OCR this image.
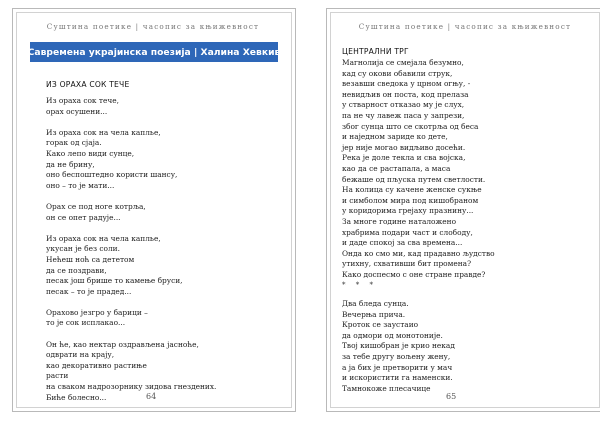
Суштина поетике | часопис за књижевност
Савремена украјинска поезија | Халина Хевкив
ИЗ ОРАХА СОК ТЕЧЕ
Из ораха сок тече,
орах осушени...
Из ораха сок на чела каплье,
горак од сјаја.
Како лепо види сунце,
да не брину,
оно беспоштедно користи шансу,
оно – то је мати...
Орах се под ноге котрља,
он се опет радује...
Из ораха сок на чела каплье,
укусан је без соли.
Нећеш ноћ са дететом
да се поздрави,
песак још брише то камење бруси,
песак – то је прадед...
Орахово језгро у барици –
то је сок исплакао...
Он ће, као нектар оздрављена јасноће,
одврати на крају,
као декоративно растиње
расти
на сваком надрозорнику зидова гнездених.
Биће болесно...	64
Суштина поетике | часопис за књижевност
ЦЕНТРАЛНИ ТРГ
Магнолија се смејала безумно,
кад су окови обавили струк,
везавши сведока у црном огњу, -
невидљив он поста, код прелаза
у стварност отказао му је слух,
па не чу лавеж паса у запрези,
због сунца што се скотрља од беса
и наједном зариде ко дете,
јер није могао видљиво досећи.
Река је доле текла и сва војска,
као да се растапала, а маса
бежаше од пљуска путем светлости.
На колица су качене женске сукње
и симболом мира под кишобраном
у коридорима грејаху празнину...
За многе године наталожено
храбрима подари част и слободу,
и даде спокој за сва времена...
Онда ко смо ми, кад прадавно људство
утихну, схвативши бит промена?
Како доспесмо с оне стране правде?
* * *
Два бледа сунца.
Вечерња прича.
Кроток се заустаио
да одмори од монотоније.
Твој кишобран је крио некад
за тебе другу вољену жену,
а ја бих је претворити у мач
и искористити га наменски.
Тамнокоже плесачице
65
